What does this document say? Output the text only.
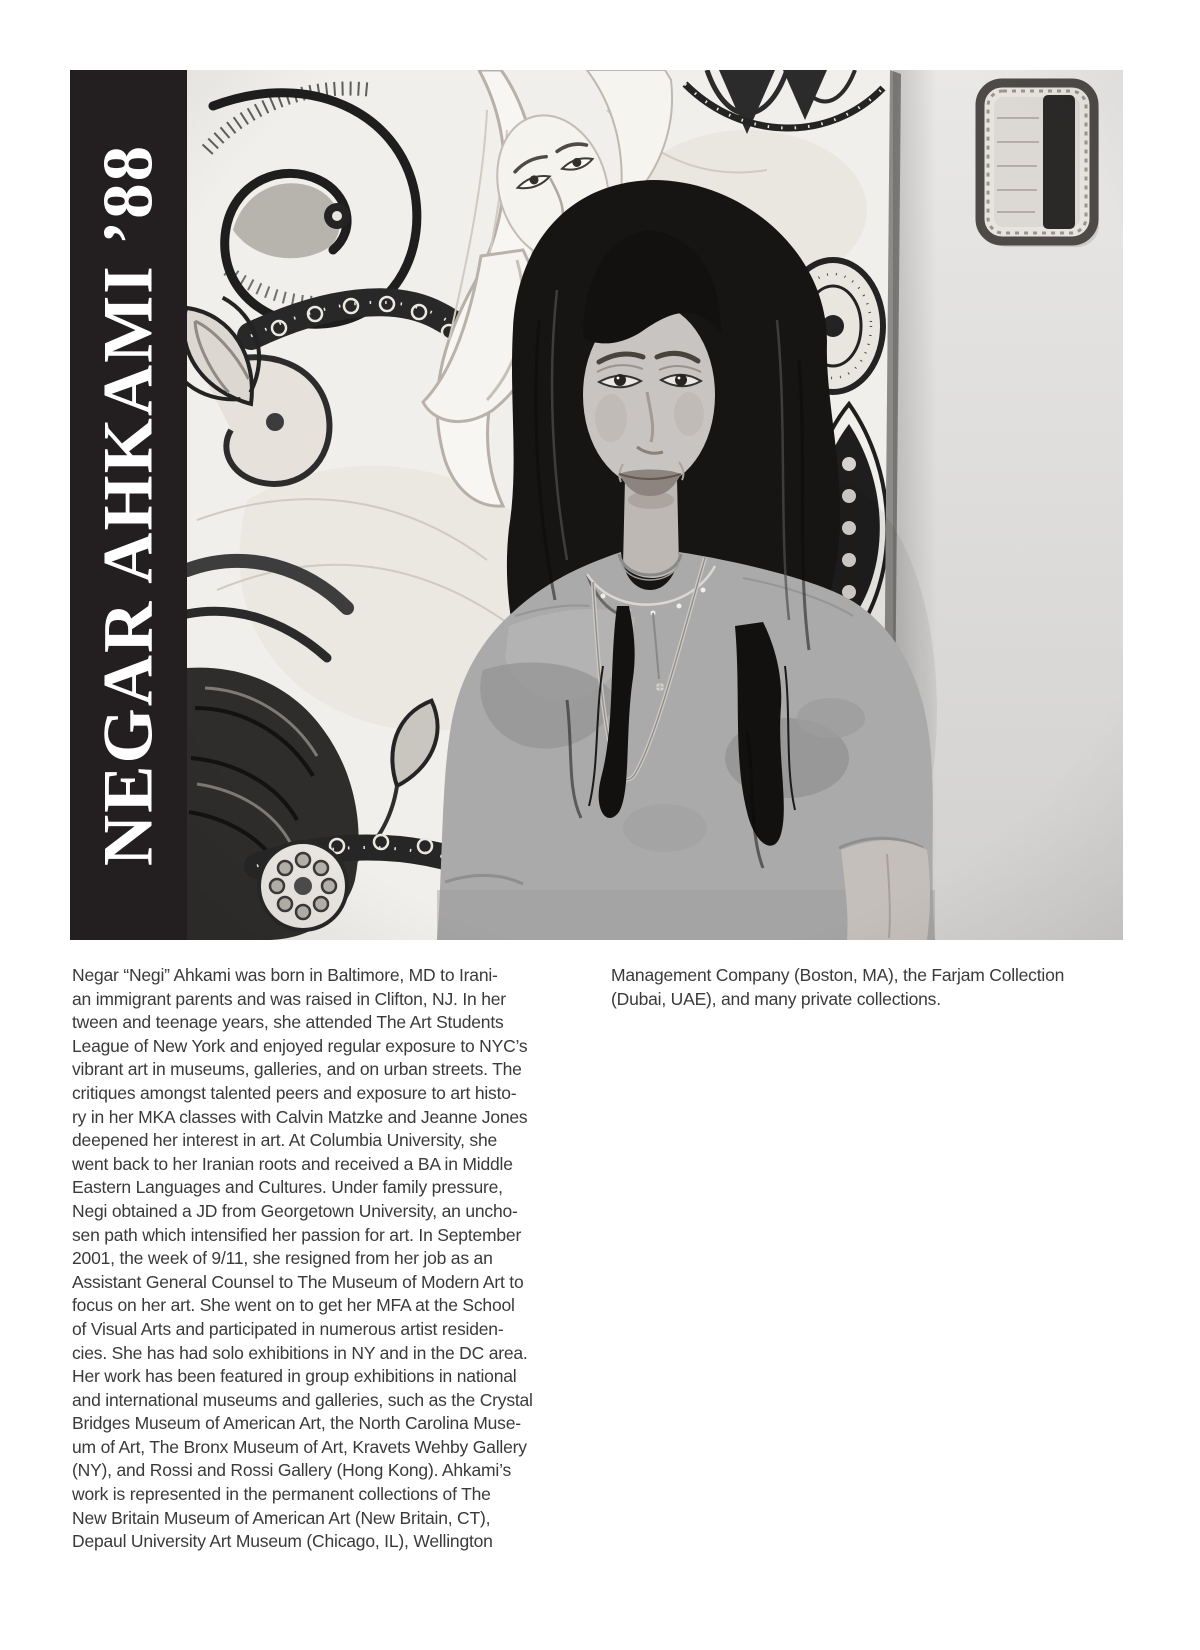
NEGAR AHKAMI ’88
Negar “Negi” Ahkami was born in Baltimore, MD to Irani-
an immigrant parents and was raised in Clifton, NJ. In her
tween and teenage years, she attended The Art Students
League of New York and enjoyed regular exposure to NYC’s
vibrant art in museums, galleries, and on urban streets. The
critiques amongst talented peers and exposure to art histo-
ry in her MKA classes with Calvin Matzke and Jeanne Jones
deepened her interest in art. At Columbia University, she
went back to her Iranian roots and received a BA in Middle
Eastern Languages and Cultures. Under family pressure,
Negi obtained a JD from Georgetown University, an uncho-
sen path which intensified her passion for art. In September
2001, the week of 9/11, she resigned from her job as an
Assistant General Counsel to The Museum of Modern Art to
focus on her art. She went on to get her MFA at the School
of Visual Arts and participated in numerous artist residen-
cies. She has had solo exhibitions in NY and in the DC area.
Her work has been featured in group exhibitions in national
and international museums and galleries, such as the Crystal
Bridges Museum of American Art, the North Carolina Muse-
um of Art, The Bronx Museum of Art, Kravets Wehby Gallery
(NY), and Rossi and Rossi Gallery (Hong Kong). Ahkami’s
work is represented in the permanent collections of The
New Britain Museum of American Art (New Britain, CT),
Depaul University Art Museum (Chicago, IL), Wellington
Management Company (Boston, MA), the Farjam Collection
(Dubai, UAE), and many private collections.
